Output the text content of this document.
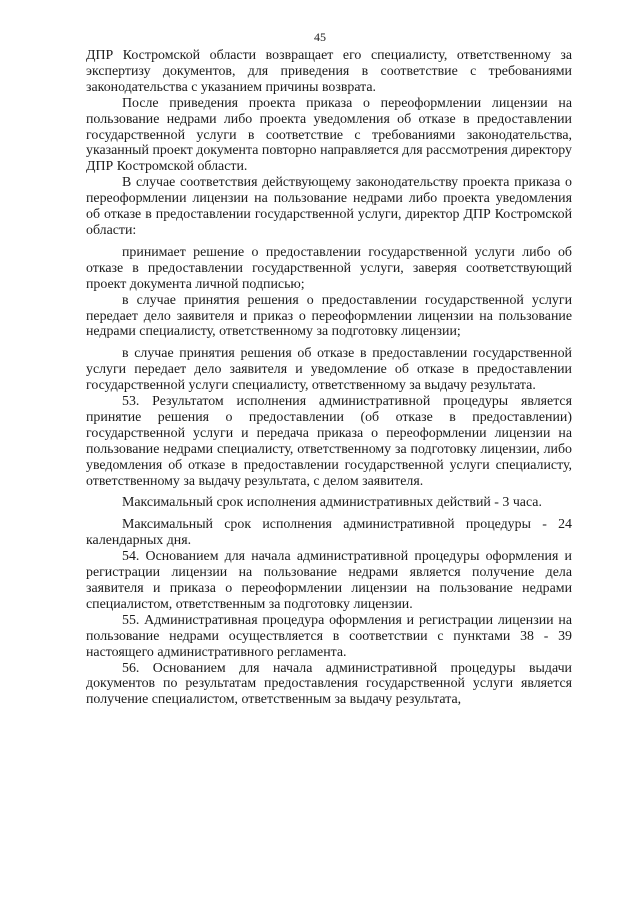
45

ДПР Костромской области возвращает его специалисту, ответственному за экспертизу документов, для приведения в соответствие с требованиями законодательства с указанием причины возврата.

После приведения проекта приказа о переоформлении лицензии на пользование недрами либо проекта уведомления об отказе в предоставлении государственной услуги в соответствие с требованиями законодательства, указанный проект документа повторно направляется для рассмотрения директору ДПР Костромской области.

В случае соответствия действующему законодательству проекта приказа о переоформлении лицензии на пользование недрами либо проекта уведомления об отказе в предоставлении государственной услуги, директор ДПР Костромской области:

принимает решение о предоставлении государственной услуги либо об отказе в предоставлении государственной услуги, заверяя соответствующий проект документа личной подписью;

в случае принятия решения о предоставлении государственной услуги передает дело заявителя и приказ о переоформлении лицензии на пользование недрами специалисту, ответственному за подготовку лицензии;

в случае принятия решения об отказе в предоставлении государственной услуги передает дело заявителя и уведомление об отказе в предоставлении государственной услуги специалисту, ответственному за выдачу результата.

53. Результатом исполнения административной процедуры является принятие решения о предоставлении (об отказе в предоставлении) государственной услуги и передача приказа о переоформлении лицензии на пользование недрами специалисту, ответственному за подготовку лицензии, либо уведомления об отказе в предоставлении государственной услуги специалисту, ответственному за выдачу результата, с делом заявителя.

Максимальный срок исполнения административных действий - 3 часа.

Максимальный срок исполнения административной процедуры - 24 календарных дня.

54. Основанием для начала административной процедуры оформления и регистрации лицензии на пользование недрами является получение дела заявителя и приказа о переоформлении лицензии на пользование недрами специалистом, ответственным за подготовку лицензии.

55. Административная процедура оформления и регистрации лицензии на пользование недрами осуществляется в соответствии с пунктами 38 - 39 настоящего административного регламента.

56. Основанием для начала административной процедуры выдачи документов по результатам предоставления государственной услуги является получение специалистом, ответственным за выдачу результата,
